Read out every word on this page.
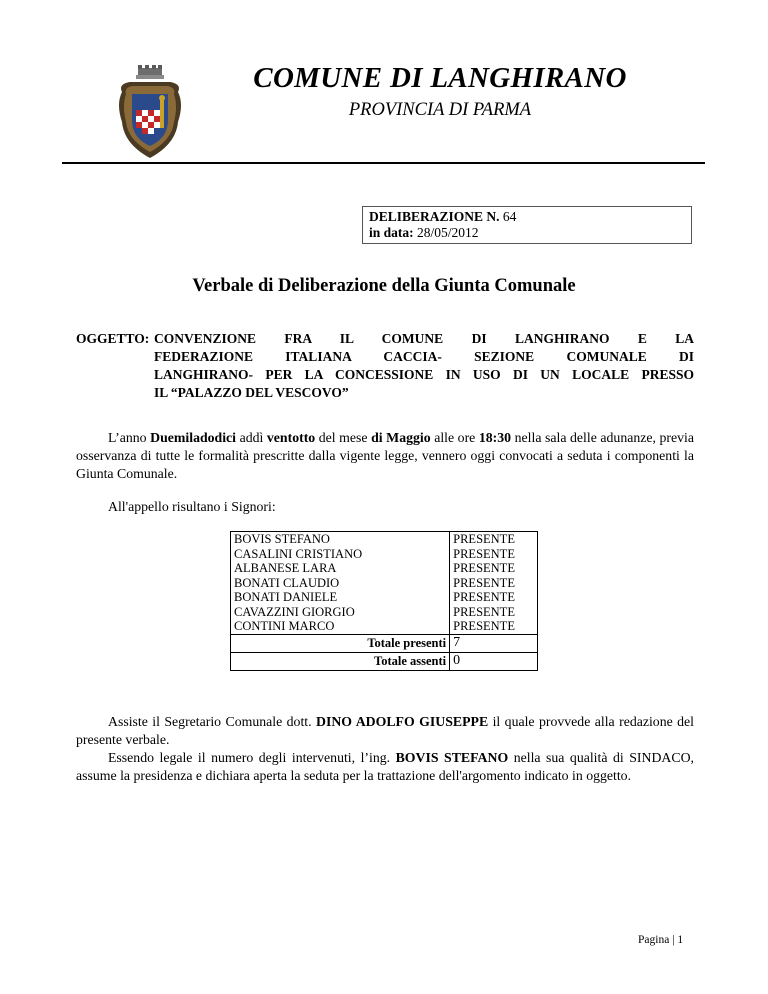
COMUNE DI LANGHIRANO
PROVINCIA DI PARMA
DELIBERAZIONE N. 64
in data: 28/05/2012
Verbale di Deliberazione della Giunta Comunale
OGGETTO: CONVENZIONE FRA IL COMUNE DI LANGHIRANO E LA
FEDERAZIONE ITALIANA CACCIA- SEZIONE COMUNALE DI
LANGHIRANO- PER LA CONCESSIONE IN USO DI UN LOCALE PRESSO
IL “PALAZZO DEL VESCOVO”
L’anno Duemiladodici addì ventotto del mese di Maggio alle ore 18:30 nella sala delle adunanze, previa osservanza di tutte le formalità prescritte dalla vigente legge, vennero oggi convocati a seduta i componenti la Giunta Comunale.
All'appello risultano i Signori:
BOVIS STEFANO	PRESENTE
CASALINI CRISTIANO	PRESENTE
ALBANESE LARA	PRESENTE
BONATI CLAUDIO	PRESENTE
BONATI DANIELE	PRESENTE
CAVAZZINI GIORGIO	PRESENTE
CONTINI MARCO	PRESENTE
Totale presenti	7
Totale assenti	0
Assiste il Segretario Comunale dott. DINO ADOLFO GIUSEPPE il quale provvede alla redazione del presente verbale.
Essendo legale il numero degli intervenuti, l’ing. BOVIS STEFANO nella sua qualità di SINDACO, assume la presidenza e dichiara aperta la seduta per la trattazione dell'argomento indicato in oggetto.
Pagina | 1
